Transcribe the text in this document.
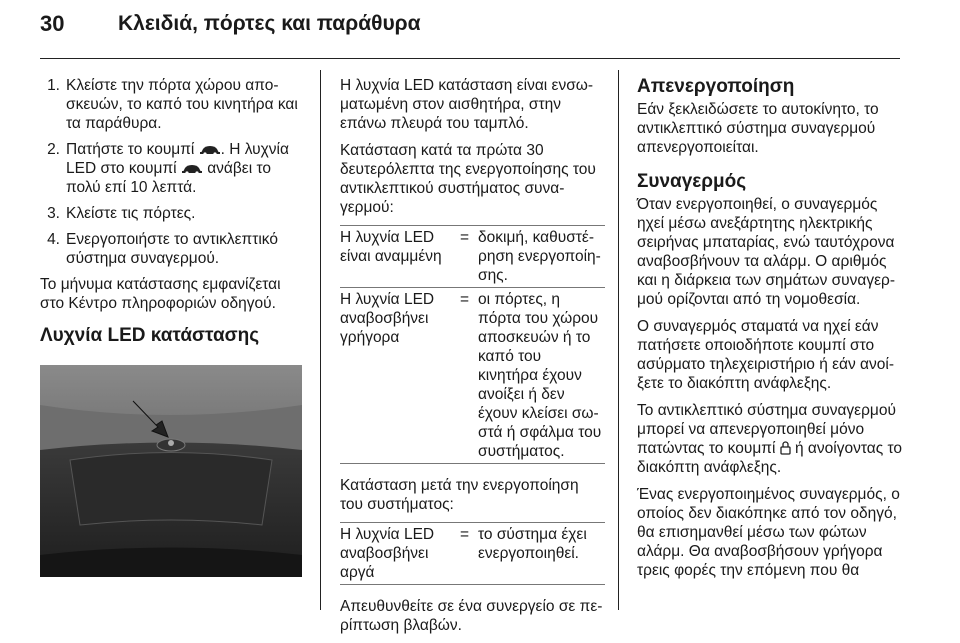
30	Κλειδιά, πόρτες και παράθυρα
1. Κλείστε την πόρτα χώρου αποσκευών, το καπό του κινητήρα και τα παράθυρα.
2. Πατήστε το κουμπί . Η λυχνία LED στο κουμπί  ανάβει το πολύ επί 10 λεπτά.
3. Κλείστε τις πόρτες.
4. Ενεργοποιήστε το αντικλεπτικό σύστημα συναγερμού.

Το μήνυμα κατάστασης εμφανίζεται στο Κέντρο πληροφοριών οδηγού.

Λυχνία LED κατάστασης

Η λυχνία LED κατάσταση είναι ενσωματωμένη στον αισθητήρα, στην επάνω πλευρά του ταμπλό.

Κατάσταση κατά τα πρώτα 30 δευτερόλεπτα της ενεργοποίησης του αντικλεπτικού συστήματος συναγερμού:

Η λυχνία LED είναι αναμμένη
= δοκιμή, καθυστέρηση ενεργοποίησης.
Η λυχνία LED αναβοσβήνει γρήγορα
= οι πόρτες, η πόρτα του χώρου αποσκευών ή το καπό του κινητήρα έχουν ανοίξει ή δεν έχουν κλείσει σωστά ή σφάλμα του συστήματος.

Κατάσταση μετά την ενεργοποίηση του συστήματος:

Η λυχνία LED αναβοσβήνει αργά
= το σύστημα έχει ενεργοποιηθεί.

Απευθυνθείτε σε ένα συνεργείο σε περίπτωση βλαβών.

Απενεργοποίηση

Εάν ξεκλειδώσετε το αυτοκίνητο, το αντικλεπτικό σύστημα συναγερμού απενεργοποιείται.

Συναγερμός

Όταν ενεργοποιηθεί, ο συναγερμός ηχεί μέσω ανεξάρτητης ηλεκτρικής σειρήνας μπαταρίας, ενώ ταυτόχρονα αναβοσβήνουν τα αλάρμ. Ο αριθμός και η διάρκεια των σημάτων συναγερμού ορίζονται από τη νομοθεσία.

Ο συναγερμός σταματά να ηχεί εάν πατήσετε οποιοδήποτε κουμπί στο ασύρματο τηλεχειριστήριο ή εάν ανοίξετε το διακόπτη ανάφλεξης.

Το αντικλεπτικό σύστημα συναγερμού μπορεί να απενεργοποιηθεί μόνο πατώντας το κουμπί  ή ανοίγοντας το διακόπτη ανάφλεξης.

Ένας ενεργοποιημένος συναγερμός, ο οποίος δεν διακόπηκε από τον οδηγό, θα επισημανθεί μέσω των φώτων αλάρμ. Θα αναβοσβήσουν γρήγορα τρεις φορές την επόμενη που θα
